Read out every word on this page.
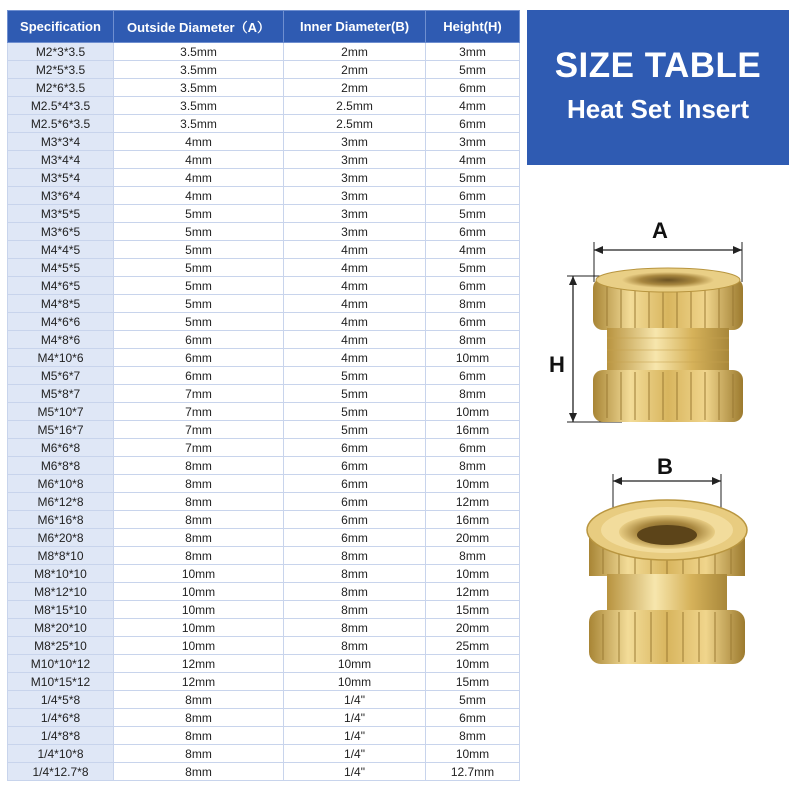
Specification	Outside Diameter（A）	Inner Diameter(B)	Height(H)
M2*3*3.5	3.5mm	2mm	3mm
M2*5*3.5	3.5mm	2mm	5mm
M2*6*3.5	3.5mm	2mm	6mm
M2.5*4*3.5	3.5mm	2.5mm	4mm
M2.5*6*3.5	3.5mm	2.5mm	6mm
M3*3*4	4mm	3mm	3mm
M3*4*4	4mm	3mm	4mm
M3*5*4	4mm	3mm	5mm
M3*6*4	4mm	3mm	6mm
M3*5*5	5mm	3mm	5mm
M3*6*5	5mm	3mm	6mm
M4*4*5	5mm	4mm	4mm
M4*5*5	5mm	4mm	5mm
M4*6*5	5mm	4mm	6mm
M4*8*5	5mm	4mm	8mm
M4*6*6	5mm	4mm	6mm
M4*8*6	6mm	4mm	8mm
M4*10*6	6mm	4mm	10mm
M5*6*7	6mm	5mm	6mm
M5*8*7	7mm	5mm	8mm
M5*10*7	7mm	5mm	10mm
M5*16*7	7mm	5mm	16mm
M6*6*8	7mm	6mm	6mm
M6*8*8	8mm	6mm	8mm
M6*10*8	8mm	6mm	10mm
M6*12*8	8mm	6mm	12mm
M6*16*8	8mm	6mm	16mm
M6*20*8	8mm	6mm	20mm
M8*8*10	8mm	8mm	8mm
M8*10*10	10mm	8mm	10mm
M8*12*10	10mm	8mm	12mm
M8*15*10	10mm	8mm	15mm
M8*20*10	10mm	8mm	20mm
M8*25*10	10mm	8mm	25mm
M10*10*12	12mm	10mm	10mm
M10*15*12	12mm	10mm	15mm
1/4*5*8	8mm	1/4"	5mm
1/4*6*8	8mm	1/4"	6mm
1/4*8*8	8mm	1/4"	8mm
1/4*10*8	8mm	1/4"	10mm
1/4*12.7*8	8mm	1/4"	12.7mm
SIZE TABLE
Heat Set Insert
A
H
B
